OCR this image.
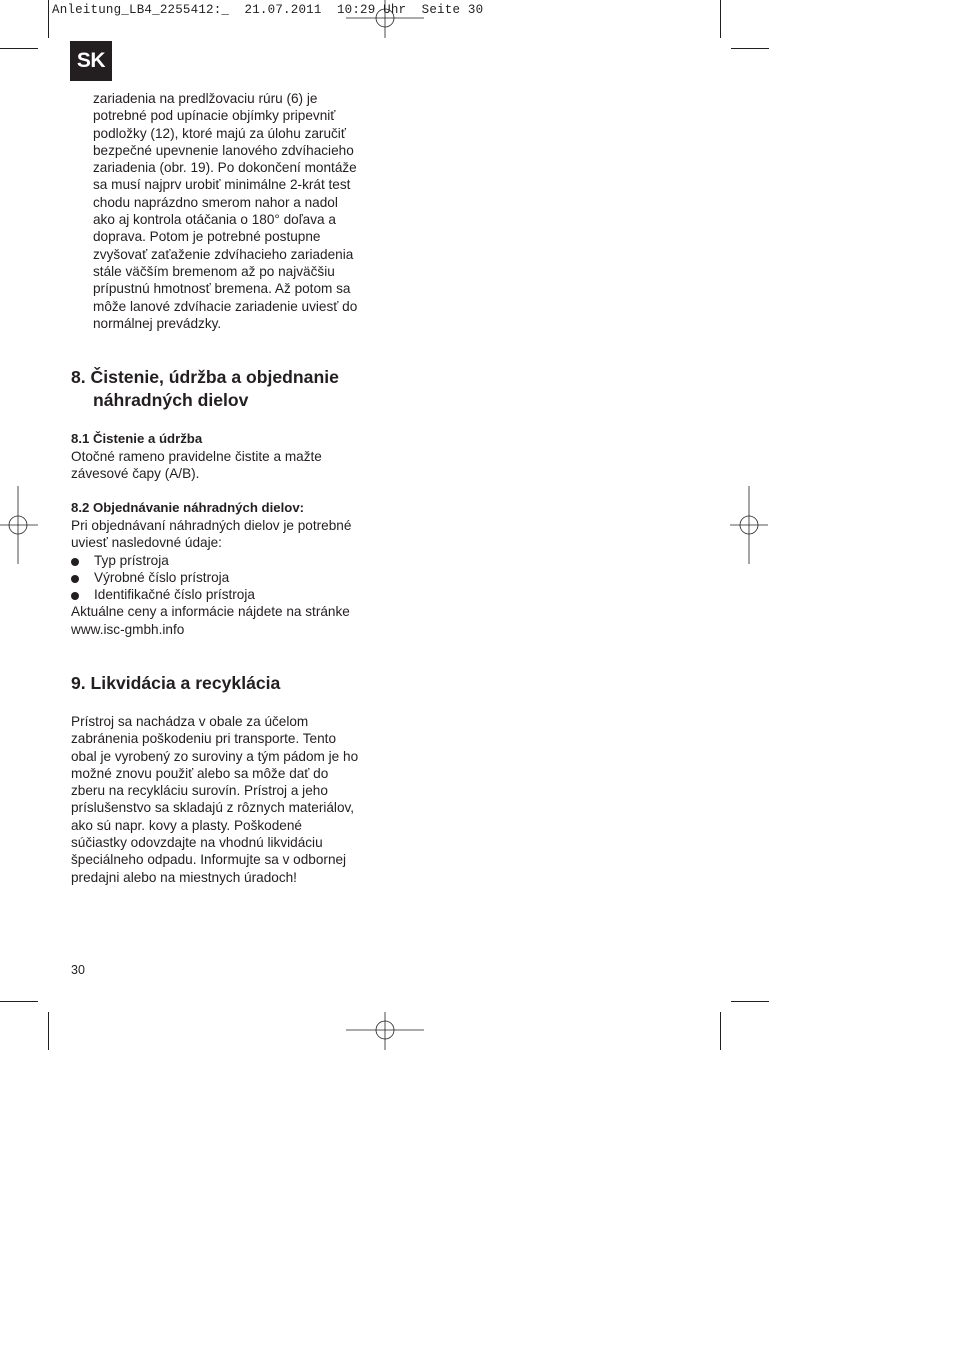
Anleitung_LB4_2255412:_  21.07.2011  10:29 Uhr  Seite 30
SK

zariadenia na predlžovaciu rúru (6) je

potrebné pod upínacie objímky pripevniť

podložky (12), ktoré majú za úlohu zaručiť

bezpečné upevnenie lanového zdvíhacieho

zariadenia (obr. 19). Po dokončení montáže

sa musí najprv urobiť minimálne 2-krát test

chodu naprázdno smerom nahor a nadol

ako aj kontrola otáčania o 180° doľava a

doprava. Potom je potrebné postupne

zvyšovať zaťaženie zdvíhacieho zariadenia

stále väčším bremenom až po najväčšiu

prípustnú hmotnosť bremena. Až potom sa

môže lanové zdvíhacie zariadenie uviesť do

normálnej prevádzky.

8. Čistenie, údržba a objednanie
náhradných dielov
8.1 Čistenie a údržba

Otočné rameno pravidelne čistite a mažte

závesové čapy (A/B).

8.2 Objednávanie náhradných dielov:

Pri objednávaní náhradných dielov je potrebné

uviesť nasledovné údaje:

Typ prístroja
Výrobné číslo prístroja
Identifikačné číslo prístroja

Aktuálne ceny a informácie nájdete na stránke

www.isc-gmbh.info

9. Likvidácia a recyklácia

Prístroj sa nachádza v obale za účelom

zabránenia poškodeniu pri transporte. Tento

obal je vyrobený zo suroviny a tým pádom je ho

možné znovu použiť alebo sa môže dať do

zberu na recykláciu surovín. Prístroj a jeho

príslušenstvo sa skladajú z rôznych materiálov,

ako sú napr. kovy a plasty. Poškodené

súčiastky odovzdajte na vhodnú likvidáciu

špeciálneho odpadu. Informujte sa v odbornej

predajni alebo na miestnych úradoch!

30
